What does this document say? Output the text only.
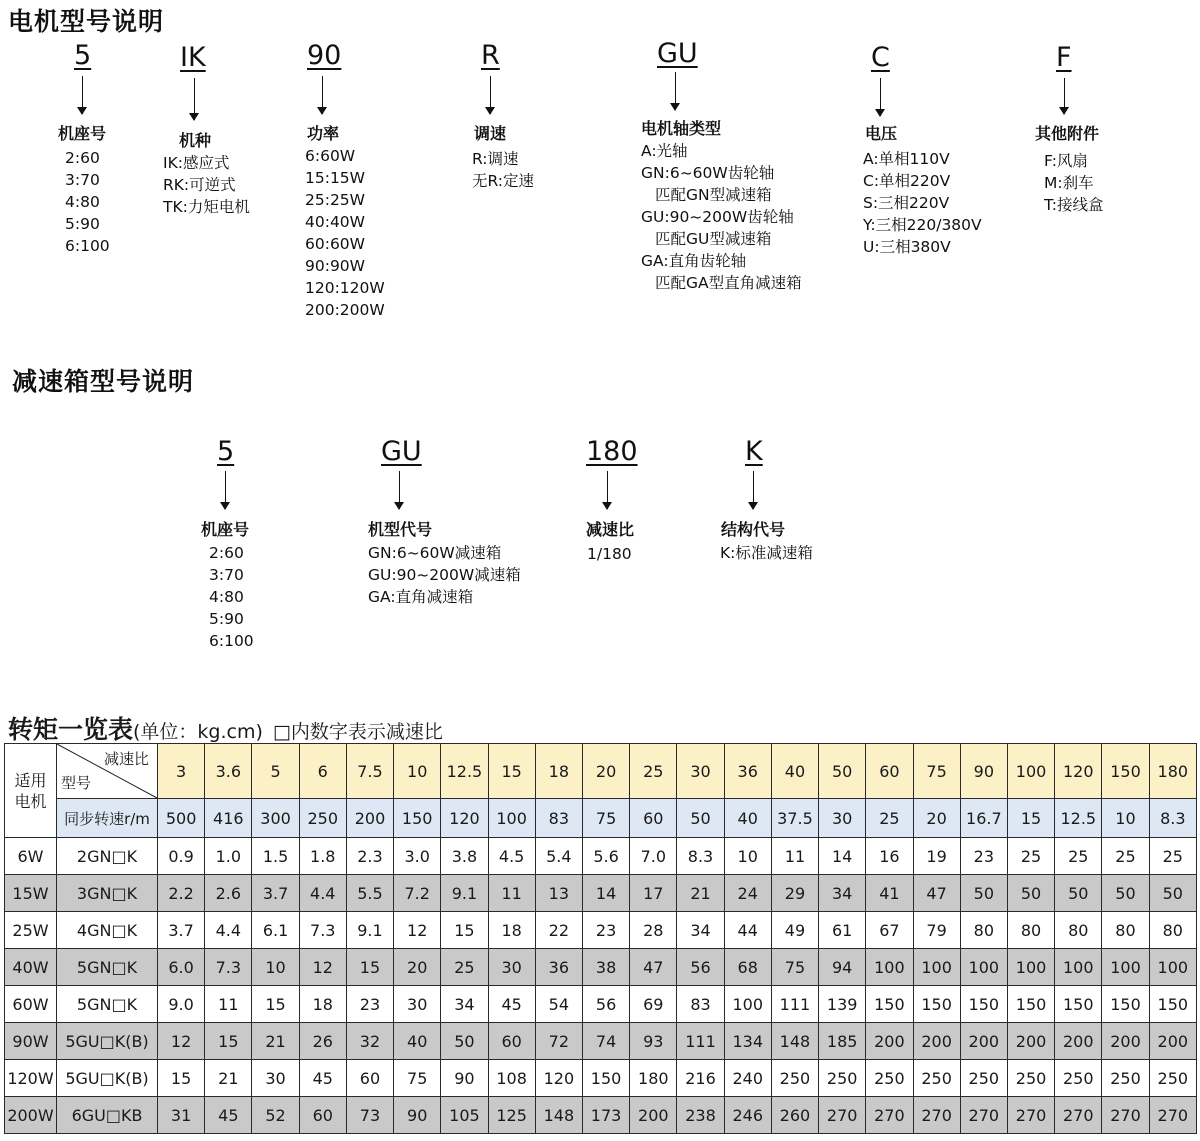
电机型号说明
5
机座号
2:60
3:70
4:80
5:90
6:100
IK
机种
IK:感应式
RK:可逆式
TK:力矩电机
90
功率
6:60W
15:15W
25:25W
40:40W
60:60W
90:90W
120:120W
200:200W
R
调速
R:调速
无R:定速
GU
电机轴类型
A:光轴
GN:6~60W齿轮轴
匹配GN型减速箱
GU:90~200W齿轮轴
匹配GU型减速箱
GA:直角齿轮轴
匹配GA型直角减速箱
C
电压
A:单相110V
C:单相220V
S:三相220V
Y:三相220/380V
U:三相380V
F
其他附件
F:风扇
M:刹车
T:接线盒
减速箱型号说明
5
机座号
2:60
3:70
4:80
5:90
6:100
GU
机型代号
GN:6~60W减速箱
GU:90~200W减速箱
GA:直角减速箱
180
减速比
1/180
K
结构代号
K:标准减速箱
转矩一览表(单位：kg.cm) □内数字表示减速比
适用电机	减速比
型号	3	3.6	5	6	7.5	10	12.5	15	18	20	25	30	36	40	50	60	75	90	100	120	150	180
	同步转速r/m	500	416	300	250	200	150	120	100	83	75	60	50	40	37.5	30	25	20	16.7	15	12.5	10	8.3
6W	2GN□K	0.9	1.0	1.5	1.8	2.3	3.0	3.8	4.5	5.4	5.6	7.0	8.3	10	11	14	16	19	23	25	25	25	25
15W	3GN□K	2.2	2.6	3.7	4.4	5.5	7.2	9.1	11	13	14	17	21	24	29	34	41	47	50	50	50	50	50
25W	4GN□K	3.7	4.4	6.1	7.3	9.1	12	15	18	22	23	28	34	44	49	61	67	79	80	80	80	80	80
40W	5GN□K	6.0	7.3	10	12	15	20	25	30	36	38	47	56	68	75	94	100	100	100	100	100	100	100
60W	5GN□K	9.0	11	15	18	23	30	34	45	54	56	69	83	100	111	139	150	150	150	150	150	150	150
90W	5GU□K(B)	12	15	21	26	32	40	50	60	72	74	93	111	134	148	185	200	200	200	200	200	200	200
120W	5GU□K(B)	15	21	30	45	60	75	90	108	120	150	180	216	240	250	250	250	250	250	250	250	250	250
200W	6GU□KB	31	45	52	60	73	90	105	125	148	173	200	238	246	260	270	270	270	270	270	270	270	270
